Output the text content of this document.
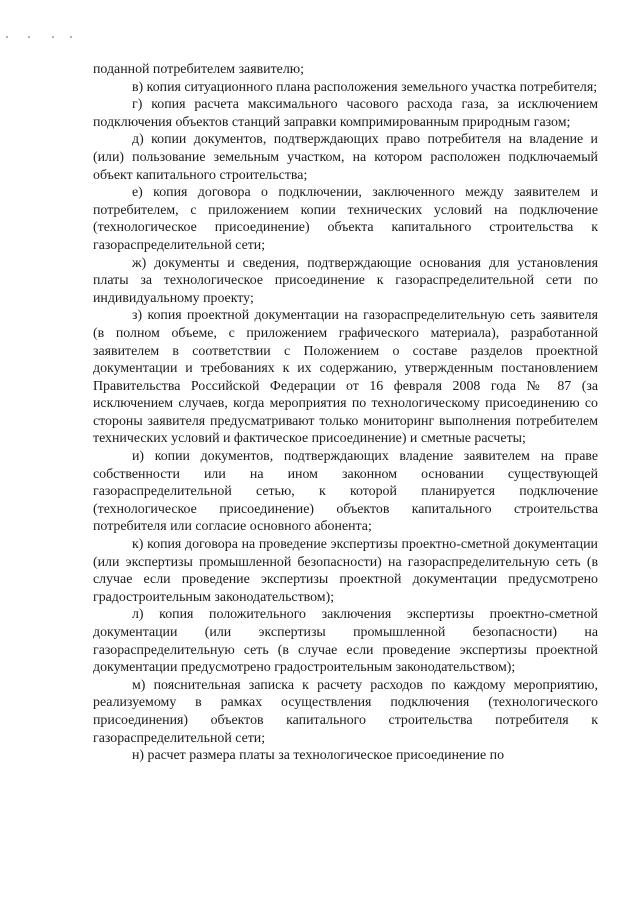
поданной потребителем заявителю;

в) копия ситуационного плана расположения земельного участка потребителя;

г) копия расчета максимального часового расхода газа, за исключением подключения объектов станций заправки компримированным природным газом;

д) копии документов, подтверждающих право потребителя на владение и (или) пользование земельным участком, на котором расположен подключаемый объект капитального строительства;

е) копия договора о подключении, заключенного между заявителем и потребителем, с приложением копии технических условий на подключение (технологическое присоединение) объекта капитального строительства к газораспределительной сети;

ж) документы и сведения, подтверждающие основания для установления платы за технологическое присоединение к газораспределительной сети по индивидуальному проекту;

з) копия проектной документации на газораспределительную сеть заявителя (в полном объеме, с приложением графического материала), разработанной заявителем в соответствии с Положением о составе разделов проектной документации и требованиях к их содержанию, утвержденным постановлением Правительства Российской Федерации от 16 февраля 2008 года № 87 (за исключением случаев, когда мероприятия по технологическому присоединению со стороны заявителя предусматривают только мониторинг выполнения потребителем технических условий и фактическое присоединение) и сметные расчеты;

и) копии документов, подтверждающих владение заявителем на праве собственности или на ином законном основании существующей газораспределительной сетью, к которой планируется подключение (технологическое присоединение) объектов капитального строительства потребителя или согласие основного абонента;

к) копия договора на проведение экспертизы проектно-сметной документации (или экспертизы промышленной безопасности) на газораспределительную сеть (в случае если проведение экспертизы проектной документации предусмотрено градостроительным законодательством);

л) копия положительного заключения экспертизы проектно-сметной документации (или экспертизы промышленной безопасности) на газораспределительную сеть (в случае если проведение экспертизы проектной документации предусмотрено градостроительным законодательством);

м) пояснительная записка к расчету расходов по каждому мероприятию, реализуемому в рамках осуществления подключения (технологического присоединения) объектов капитального строительства потребителя к газораспределительной сети;

н) расчет размера платы за технологическое присоединение по
